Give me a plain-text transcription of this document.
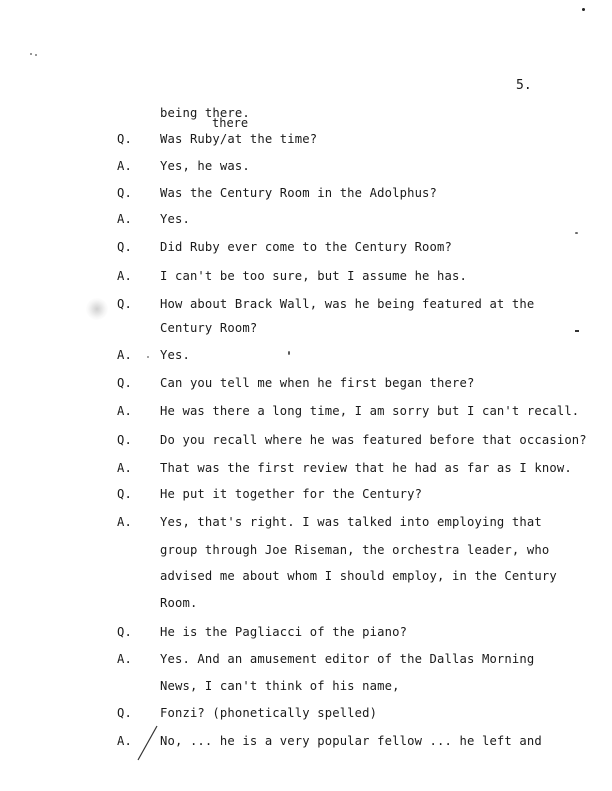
5.
there
being there.
Q. Was Ruby/at the time?
A. Yes, he was.
Q. Was the Century Room in the Adolphus?
A. Yes.
Q. Did Ruby ever come to the Century Room?
A. I can't be too sure, but I assume he has.
Q. How about Brack Wall, was he being featured at the
Century Room?
A. Yes.
Q. Can you tell me when he first began there?
A. He was there a long time, I am sorry but I can't recall.
Q. Do you recall where he was featured before that occasion?
A. That was the first review that he had as far as I know.
Q. He put it together for the Century?
A. Yes, that's right. I was talked into employing that
group through Joe Riseman, the orchestra leader, who
advised me about whom I should employ, in the Century
Room.
Q. He is the Pagliacci of the piano?
A. Yes. And an amusement editor of the Dallas Morning
News, I can't think of his name,
Q. Fonzi? (phonetically spelled)
A. No, ... he is a very popular fellow ... he left and
